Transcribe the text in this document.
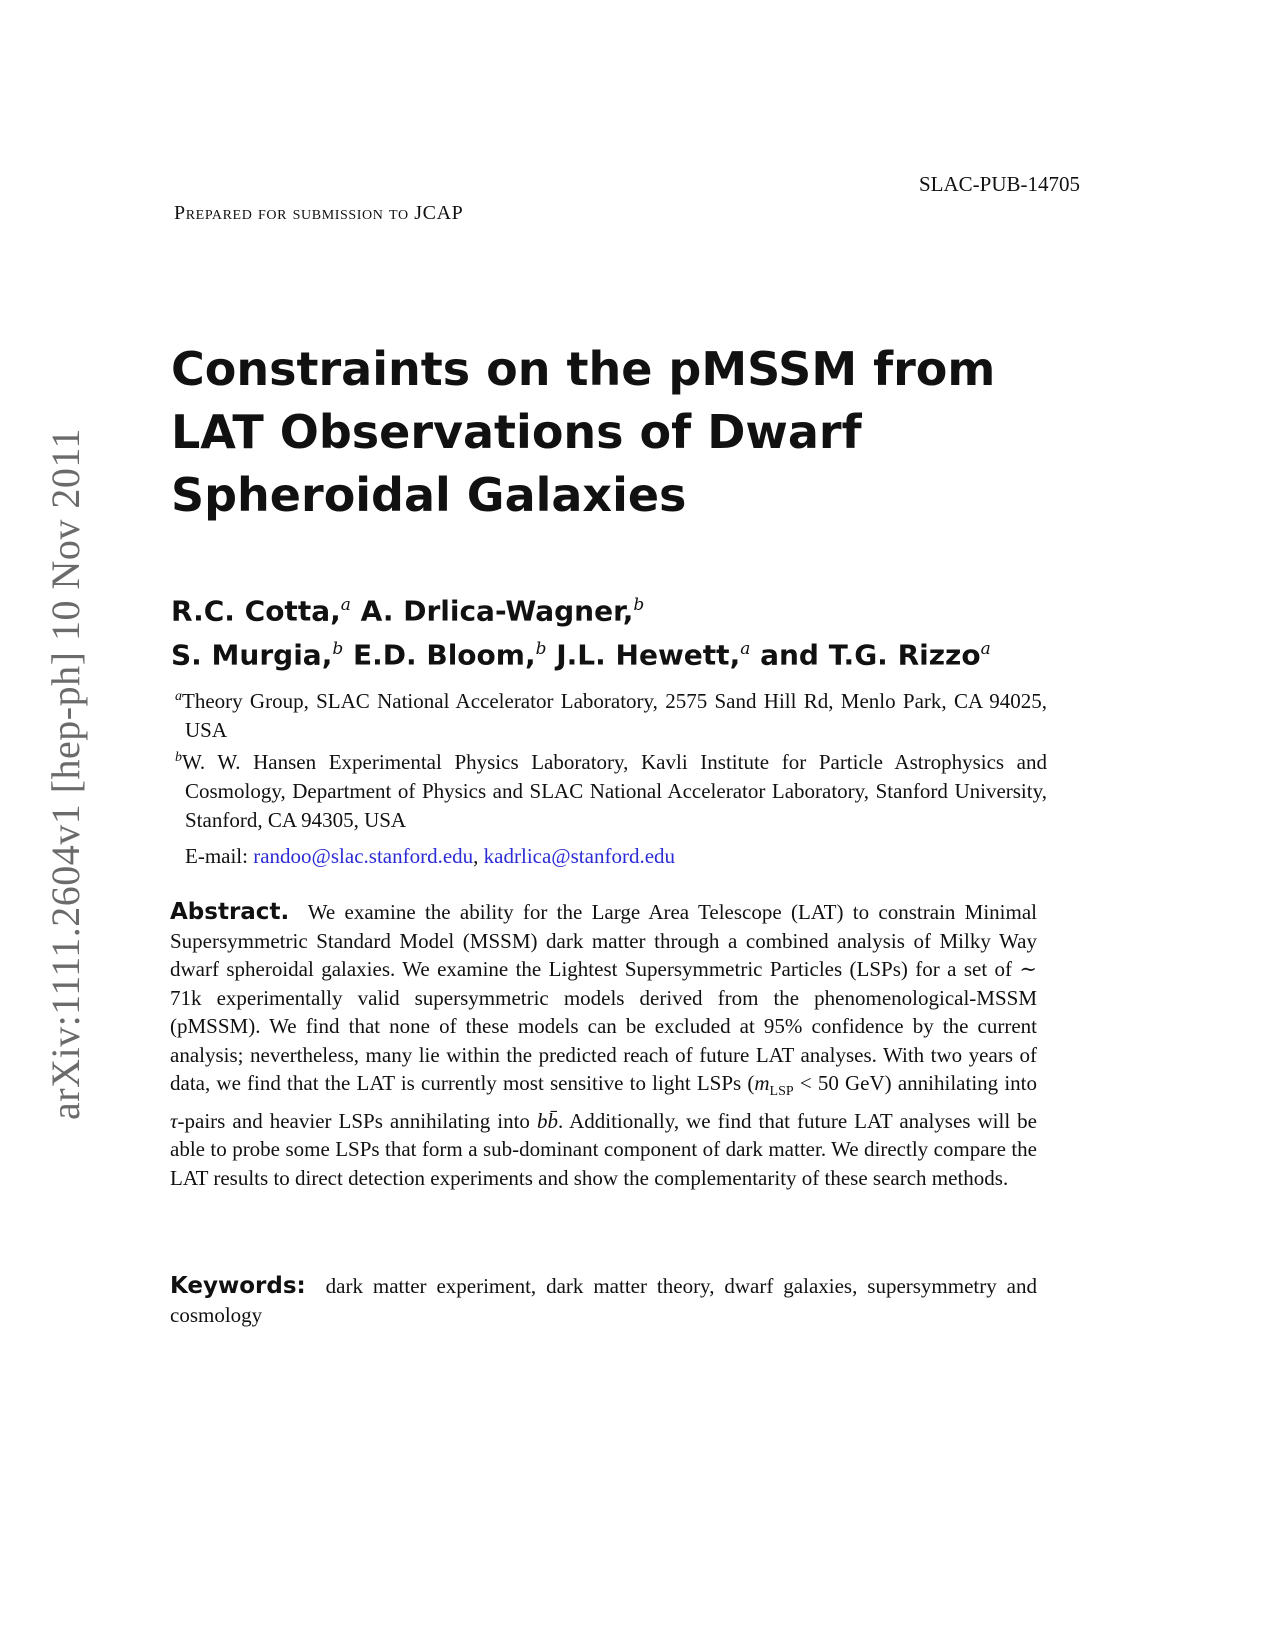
arXiv:1111.2604v1 [hep-ph] 10 Nov 2011
SLAC-PUB-14705
Prepared for submission to JCAP
Constraints on the pMSSM from LAT Observations of Dwarf Spheroidal Galaxies
R.C. Cotta,$^a$ A. Drlica-Wagner,$^b$
S. Murgia,$^b$ E.D. Bloom,$^b$ J.L. Hewett,$^a$ and T.G. Rizzo$^a$
$^a$Theory Group, SLAC National Accelerator Laboratory, 2575 Sand Hill Rd, Menlo Park, CA 94025, USA
$^b$W. W. Hansen Experimental Physics Laboratory, Kavli Institute for Particle Astrophysics and Cosmology, Department of Physics and SLAC National Accelerator Laboratory, Stanford University, Stanford, CA 94305, USA
E-mail: randoo@slac.stanford.edu, kadrlica@stanford.edu

Abstract. We examine the ability for the Large Area Telescope (LAT) to constrain Minimal Supersymmetric Standard Model (MSSM) dark matter through a combined analysis of Milky Way dwarf spheroidal galaxies. We examine the Lightest Supersymmetric Particles (LSPs) for a set of ∼ 71k experimentally valid supersymmetric models derived from the phenomenological-MSSM (pMSSM). We find that none of these models can be excluded at 95% confidence by the current analysis; nevertheless, many lie within the predicted reach of future LAT analyses. With two years of data, we find that the LAT is currently most sensitive to light LSPs ($m_{LSP} < 50$ GeV) annihilating into τ-pairs and heavier LSPs annihilating into bb̄. Additionally, we find that future LAT analyses will be able to probe some LSPs that form a sub-dominant component of dark matter. We directly compare the LAT results to direct detection experiments and show the complementarity of these search methods.

Keywords: dark matter experiment, dark matter theory, dwarf galaxies, supersymmetry and cosmology
